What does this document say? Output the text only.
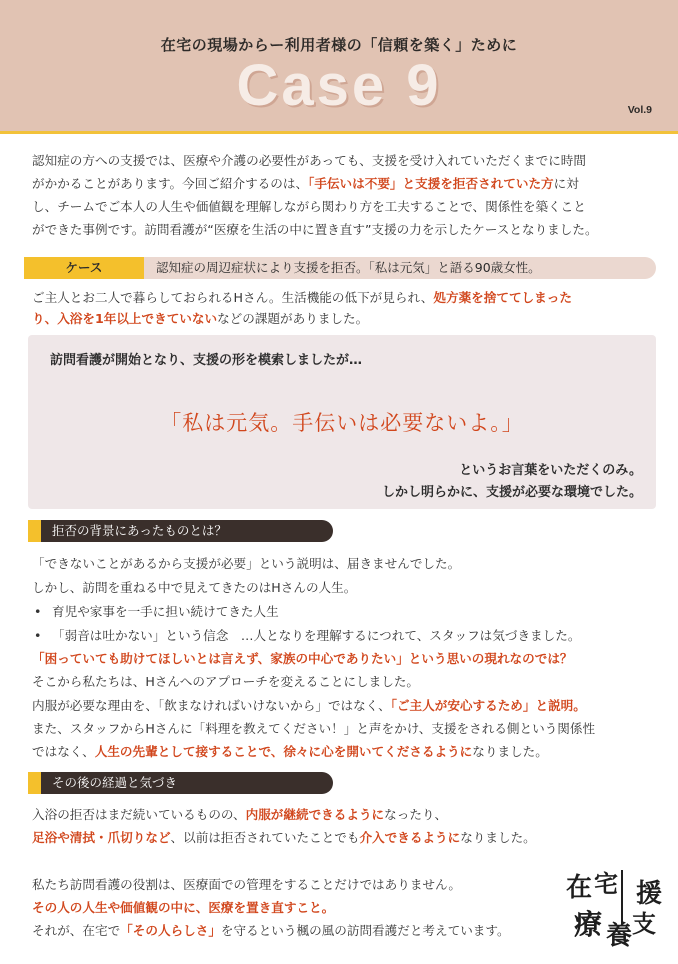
在宅の現場からー利用者様の「信頼を築く」ために
Case 9	Vol.9
認知症の方への支援では、医療や介護の必要性があっても、支援を受け入れていただくまでに時間
がかかることがあります。今回ご紹介するのは、「手伝いは不要」と支援を拒否されていた方に対
し、チームでご本人の人生や価値観を理解しながら関わり方を工夫することで、関係性を築くこと
ができた事例です。訪問看護が“医療を生活の中に置き直す”支援の力を示したケースとなりました。
ケース	認知症の周辺症状により支援を拒否。「私は元気」と語る90歳女性。
ご主人とお二人で暮らしておられるHさん。生活機能の低下が見られ、処方薬を捨ててしまった
り、入浴を1年以上できていないなどの課題がありました。
訪問看護が開始となり、支援の形を模索しましたが…
「私は元気。手伝いは必要ないよ。」
というお言葉をいただくのみ。
しかし明らかに、支援が必要な環境でした。
拒否の背景にあったものとは？
「できないことがあるから支援が必要」という説明は、届きませんでした。
しかし、訪問を重ねる中で見えてきたのはHさんの人生。
• 育児や家事を一手に担い続けてきた人生
• 「弱音は吐かない」という信念　…人となりを理解するにつれて、スタッフは気づきました。
「困っていても助けてほしいとは言えず、家族の中心でありたい」という思いの現れなのでは？
そこから私たちは、Hさんへのアプローチを変えることにしました。
内服が必要な理由を、「飲まなければいけないから」ではなく、「ご主人が安心するため」と説明。
また、スタッフからHさんに「料理を教えてください！」と声をかけ、支援をされる側という関係性
ではなく、人生の先輩として接することで、徐々に心を開いてくださるようになりました。
その後の経過と気づき
入浴の拒否はまだ続いているものの、内服が継続できるようになったり、
足浴や清拭・爪切りなど、以前は拒否されていたことでも介入できるようになりました。
私たち訪問看護の役割は、医療面での管理をすることだけではありません。
その人の人生や価値観の中に、医療を置き直すこと。
それが、在宅で「その人らしさ」を守るという楓の風の訪問看護だと考えています。
在 宅
療 養 支
援
